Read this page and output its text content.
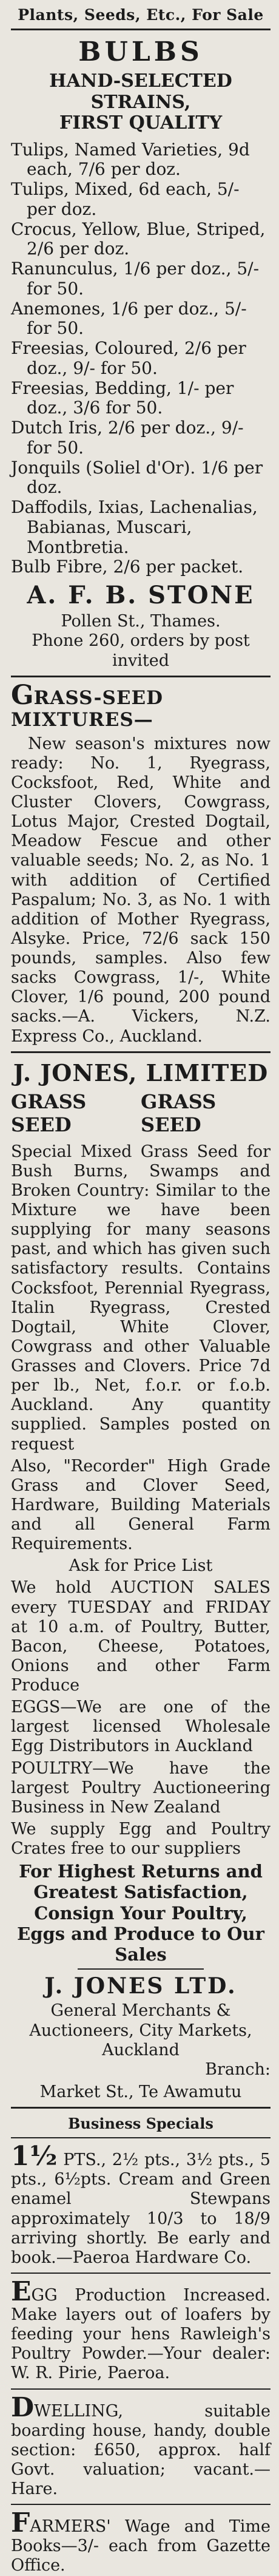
Plants, Seeds, Etc., For Sale
BULBS
HAND-SELECTED STRAINS,
FIRST QUALITY

Tulips, Named Varieties, 9d each, 7/6 per doz.

Tulips, Mixed, 6d each, 5/- per doz.

Crocus, Yellow, Blue, Striped, 2/6 per doz.

Ranunculus, 1/6 per doz., 5/- for 50.

Anemones, 1/6 per doz., 5/- for 50.

Freesias, Coloured, 2/6 per doz., 9/- for 50.

Freesias, Bedding, 1/- per doz., 3/6 for 50.

Dutch Iris, 2/6 per doz., 9/- for 50.

Jonquils (Soliel d'Or). 1/6 per doz.

Daffodils, Ixias, Lachenalias, Babianas, Muscari, Montbretia.

Bulb Fibre, 2/6 per packet.

A. F. B. STONE

Pollen St., Thames.

Phone 260, orders by post invited

GRASS-SEED MIXTURES—

New season's mixtures now ready: No. 1, Ryegrass, Cocksfoot, Red, White and Cluster Clovers, Cowgrass, Lotus Major, Crested Dogtail, Meadow Fescue and other valuable seeds; No. 2, as No. 1 with addition of Certified Paspalum; No. 3, as No. 1 with addition of Mother Ryegrass, Alsyke. Price, 72/6 sack 150 pounds, samples. Also few sacks Cowgrass, 1/-, White Clover, 1/6 pound, 200 pound sacks.—A. Vickers, N.Z. Express Co., Auckland.

J. JONES, LIMITED
GRASS SEED
GRASS SEED

Special Mixed Grass Seed for Bush Burns, Swamps and Broken Country: Similar to the Mixture we have been supplying for many seasons past, and which has given such satisfactory results. Contains Cocksfoot, Perennial Ryegrass, Italin Ryegrass, Crested Dogtail, White Clover, Cowgrass and other Valuable Grasses and Clovers. Price 7d per lb., Net, f.o.r. or f.o.b. Auckland. Any quantity supplied. Samples posted on request

Also, "Recorder" High Grade Grass and Clover Seed, Hardware, Building Materials and all General Farm Requirements.

Ask for Price List

We hold AUCTION SALES every TUESDAY and FRIDAY at 10 a.m. of Poultry, Butter, Bacon, Cheese, Potatoes, Onions and other Farm Produce

EGGS—We are one of the largest licensed Wholesale Egg Distributors in Auckland

POULTRY—We have the largest Poultry Auctioneering Business in New Zealand

We supply Egg and Poultry Crates free to our suppliers

For Highest Returns and Greatest Satisfaction, Consign Your Poultry, Eggs and Produce to Our Sales

J. JONES LTD.

General Merchants & Auctioneers, City Markets, Auckland

Branch:

Market St., Te Awamutu

Business Specials

1½ PTS., 2½ pts., 3½ pts., 5 pts., 6½pts. Cream and Green enamel Stewpans approximately 10/3 to 18/9 arriving shortly. Be early and book.—Paeroa Hardware Co.

EGG Production Increased. Make layers out of loafers by feeding your hens Rawleigh's Poultry Powder.—Your dealer: W. R. Pirie, Paeroa.

DWELLING, suitable boarding house, handy, double section: £650, approx. half Govt. valuation; vacant.—Hare.

FARMERS' Wage and Time Books—3/- each from Gazette Office.
